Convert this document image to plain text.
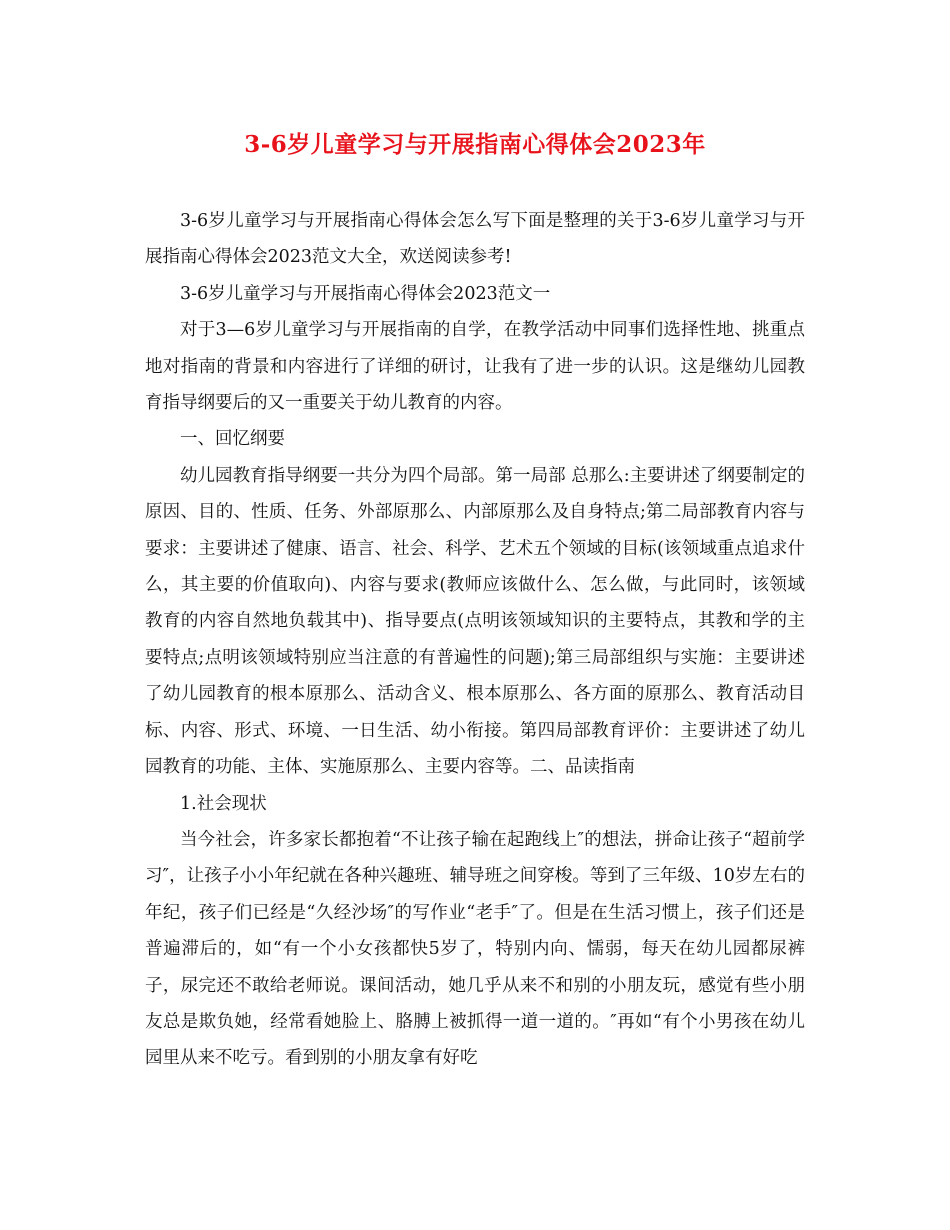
3-6岁儿童学习与开展指南心得体会2023年

3-6岁儿童学习与开展指南心得体会怎么写下面是整理的关于3-6岁儿童学习与开展指南心得体会2023范文大全，欢送阅读参考!

3-6岁儿童学习与开展指南心得体会2023范文一

对于3—6岁儿童学习与开展指南的自学，在教学活动中同事们选择性地、挑重点地对指南的背景和内容进行了详细的研讨，让我有了进一步的认识。这是继幼儿园教育指导纲要后的又一重要关于幼儿教育的内容。

一、回忆纲要

幼儿园教育指导纲要一共分为四个局部。第一局部 总那么:主要讲述了纲要制定的原因、目的、性质、任务、外部原那么、内部原那么及自身特点;第二局部教育内容与要求：主要讲述了健康、语言、社会、科学、艺术五个领域的目标(该领域重点追求什么，其主要的价值取向)、内容与要求(教师应该做什么、怎么做，与此同时，该领域教育的内容自然地负载其中)、指导要点(点明该领域知识的主要特点，其教和学的主要特点;点明该领域特别应当注意的有普遍性的问题);第三局部组织与实施：主要讲述了幼儿园教育的根本原那么、活动含义、根本原那么、各方面的原那么、教育活动目标、内容、形式、环境、一日生活、幼小衔接。第四局部教育评价：主要讲述了幼儿园教育的功能、主体、实施原那么、主要内容等。二、品读指南

1.社会现状

当今社会，许多家长都抱着“不让孩子输在起跑线上″的想法，拼命让孩子“超前学习″，让孩子小小年纪就在各种兴趣班、辅导班之间穿梭。等到了三年级、10岁左右的年纪，孩子们已经是“久经沙场″的写作业“老手″了。但是在生活习惯上，孩子们还是普遍滞后的，如“有一个小女孩都快5岁了，特别内向、懦弱，每天在幼儿园都尿裤子，尿完还不敢给老师说。课间活动，她几乎从来不和别的小朋友玩，感觉有些小朋友总是欺负她，经常看她脸上、胳膊上被抓得一道一道的。″再如“有个小男孩在幼儿园里从来不吃亏。看到别的小朋友拿有好吃
